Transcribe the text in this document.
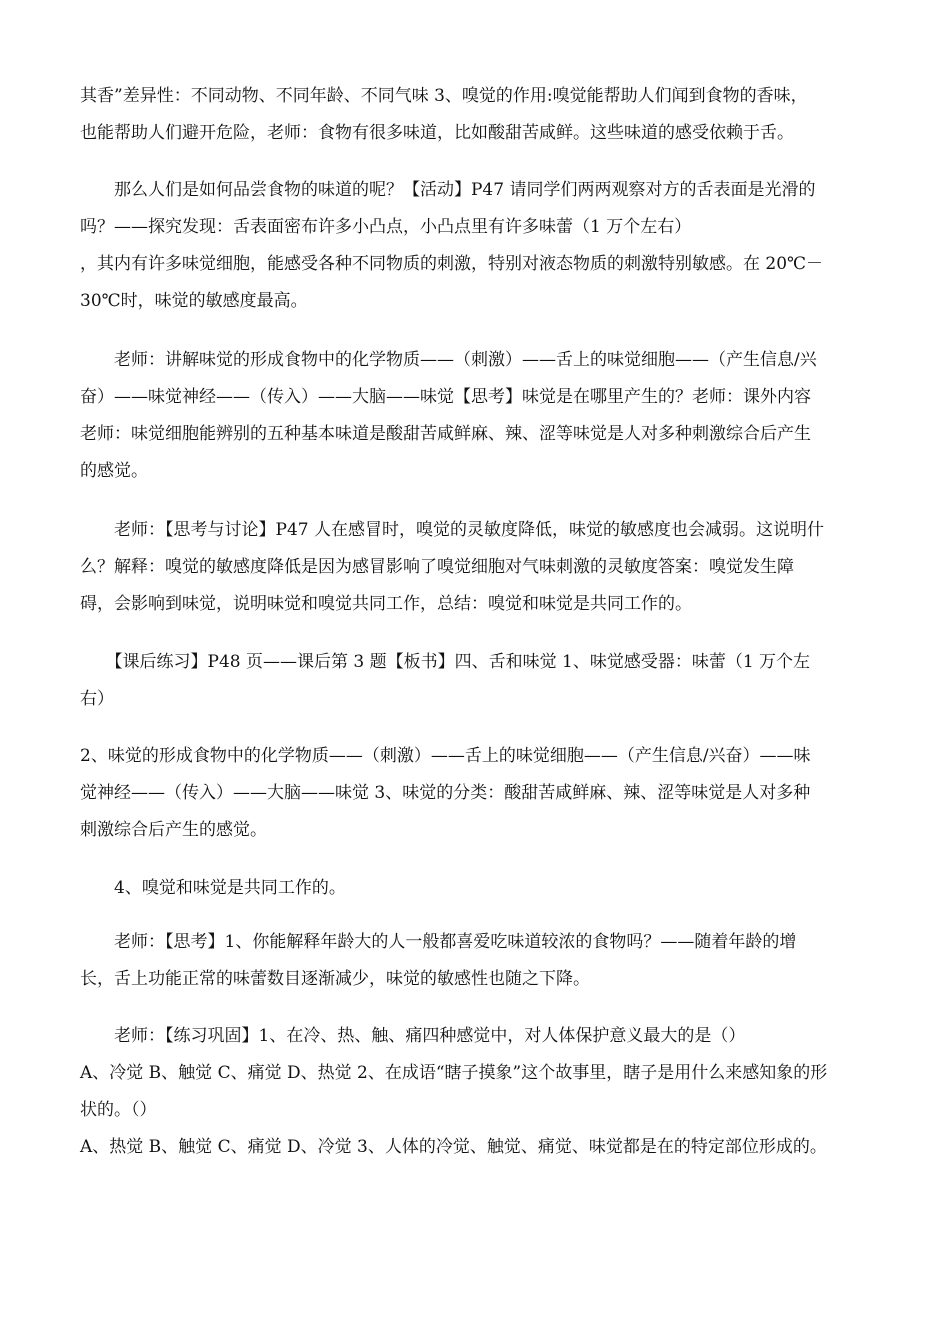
其香”差异性：不同动物、不同年龄、不同气味 3、嗅觉的作用:嗅觉能帮助人们闻到食物的香味，
也能帮助人们避开危险，老师：食物有很多味道，比如酸甜苦咸鲜。这些味道的感受依赖于舌。
　　那么人们是如何品尝食物的味道的呢？【活动】P47 请同学们两两观察对方的舌表面是光滑的
吗？——探究发现：舌表面密布许多小凸点，小凸点里有许多味蕾（1 万个左右）
，其内有许多味觉细胞，能感受各种不同物质的刺激，特别对液态物质的刺激特别敏感。在 20℃－
30℃时，味觉的敏感度最高。
　　老师：讲解味觉的形成食物中的化学物质——（刺激）——舌上的味觉细胞——（产生信息/兴
奋）——味觉神经——（传入）——大脑——味觉【思考】味觉是在哪里产生的？老师：课外内容
老师：味觉细胞能辨别的五种基本味道是酸甜苦咸鲜麻、辣、涩等味觉是人对多种刺激综合后产生
的感觉。
　　老师：【思考与讨论】P47 人在感冒时，嗅觉的灵敏度降低，味觉的敏感度也会减弱。这说明什
么？解释：嗅觉的敏感度降低是因为感冒影响了嗅觉细胞对气味刺激的灵敏度答案：嗅觉发生障
碍，会影响到味觉，说明味觉和嗅觉共同工作，总结：嗅觉和味觉是共同工作的。
　　【课后练习】P48 页——课后第 3 题【板书】四、舌和味觉 1、味觉感受器：味蕾（1 万个左
右）
2、味觉的形成食物中的化学物质——（刺激）——舌上的味觉细胞——（产生信息/兴奋）——味
觉神经——（传入）——大脑——味觉 3、味觉的分类：酸甜苦咸鲜麻、辣、涩等味觉是人对多种
刺激综合后产生的感觉。
　　4、嗅觉和味觉是共同工作的。
　　老师：【思考】1、你能解释年龄大的人一般都喜爱吃味道较浓的食物吗？——随着年龄的增
长，舌上功能正常的味蕾数目逐渐减少，味觉的敏感性也随之下降。
　　老师：【练习巩固】1、在冷、热、触、痛四种感觉中，对人体保护意义最大的是（）
A、冷觉 B、触觉 C、痛觉 D、热觉 2、在成语“瞎子摸象”这个故事里，瞎子是用什么来感知象的形
状的。（）
A、热觉 B、触觉 C、痛觉 D、冷觉 3、人体的冷觉、触觉、痛觉、味觉都是在的特定部位形成的。
